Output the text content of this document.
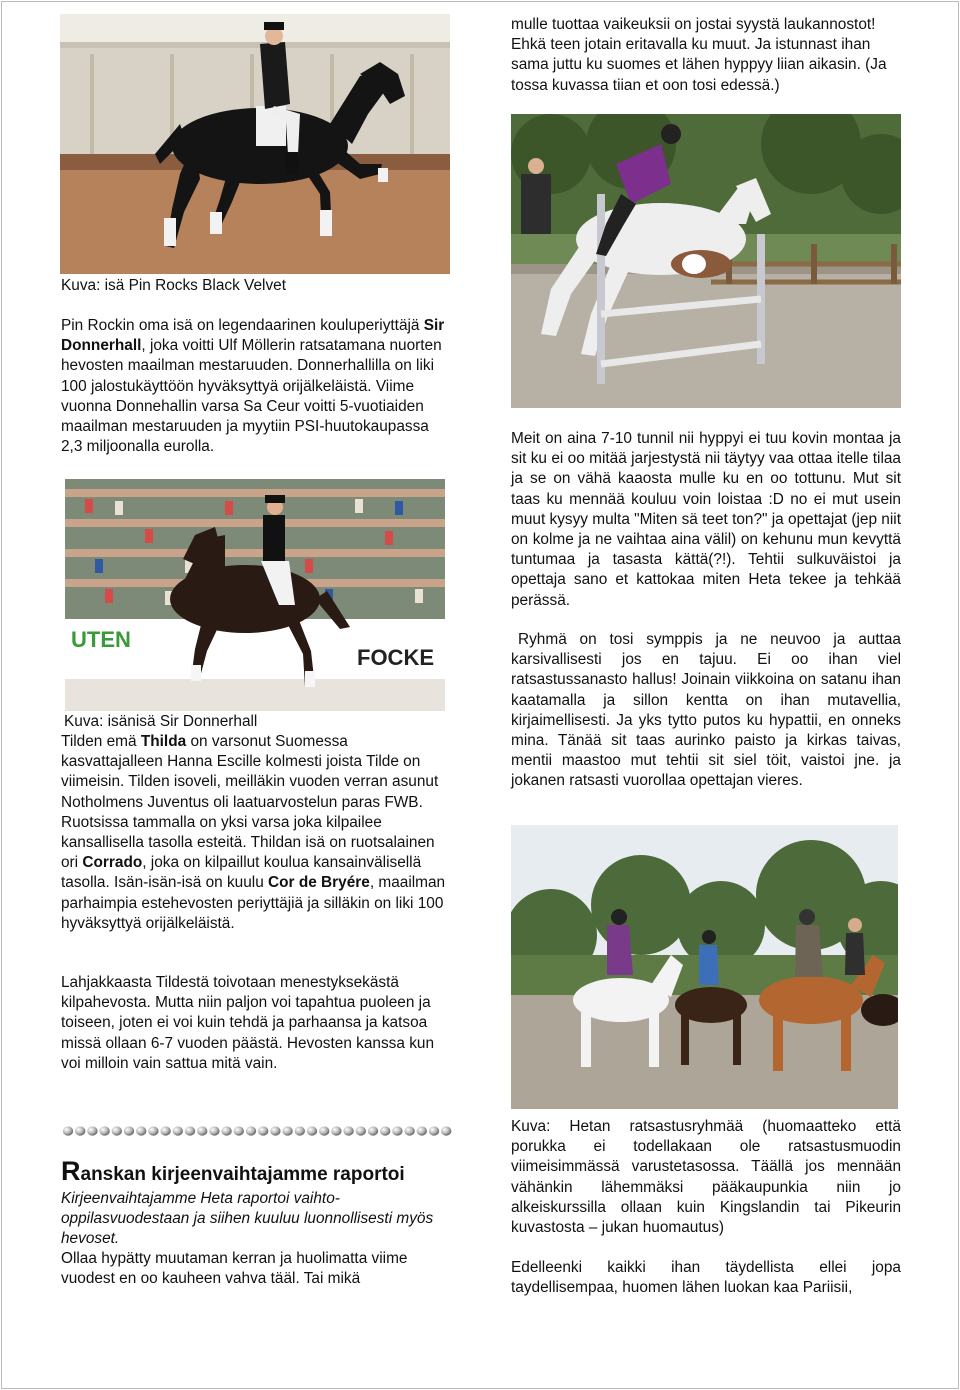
Kuva: isä Pin Rocks Black Velvet
Pin Rockin oma isä on legendaarinen kouluperiyttäjä Sir Donnerhall, joka voitti Ulf Möllerin ratsatamana nuorten hevosten maailman mestaruuden. Donnerhallilla on liki 100 jalostukäyttöön hyväksyttyä orijälkeläistä. Viime vuonna Donnehallin varsa Sa Ceur voitti 5-vuotiaiden maailman mestaruuden ja myytiin PSI-huutokaupassa 2,3 miljoonalla eurolla.
UTEN
FOCKE
Kuva: isänisä Sir Donnerhall
Tilden emä Thilda on varsonut Suomessa kasvattajalleen Hanna Escille kolmesti joista Tilde on viimeisin. Tilden isoveli, meilläkin vuoden verran asunut Notholmens Juventus oli laatuarvostelun paras FWB. Ruotsissa tammalla on yksi varsa joka kilpailee kansallisella tasolla esteitä. Thildan isä on ruotsalainen ori Corrado, joka on kilpaillut koulua kansainvälisellä tasolla. Isän-isän-isä on kuulu Cor de Bryére, maailman parhaimpia estehevosten periyttäjiä ja silläkin on liki 100 hyväksyttyä orijälkeläistä.
Lahjakkaasta Tildestä toivotaan menestyksekästä kilpahevosta. Mutta niin paljon voi tapahtua puoleen ja toiseen, joten ei voi kuin tehdä ja parhaansa ja katsoa missä ollaan 6-7 vuoden päästä. Hevosten kanssa kun voi milloin vain sattua mitä vain.
Ranskan kirjeenvaihtajamme raportoi
Kirjeenvaihtajamme Heta raportoi vaihto-oppilasvuodestaan ja siihen kuuluu luonnollisesti myös hevoset.
Ollaa hypätty muutaman kerran ja huolimatta viime vuodest en oo kauheen vahva tääl. Tai mikä
mulle tuottaa vaikeuksii on jostai syystä laukannostot! Ehkä teen jotain eritavalla ku muut. Ja istunnast ihan sama juttu ku suomes et lähen hyppyy liian aikasin. (Ja tossa kuvassa tiian et oon tosi edessä.)
Meit on aina 7-10 tunnil nii hyppyi ei tuu kovin montaa ja sit ku ei oo mitää jarjestystä nii täytyy vaa ottaa itelle tilaa ja se on vähä kaaosta mulle ku en oo tottunu. Mut sit taas ku mennää kouluu voin loistaa :D no ei mut usein muut kysyy multa "Miten sä teet ton?" ja opettajat (jep niit on kolme ja ne vaihtaa aina välil) on kehunu mun kevyttä tuntumaa ja tasasta kättä(?!). Tehtii sulkuväistoi ja opettaja sano et kattokaa miten Heta tekee ja tehkää perässä.
Ryhmä on tosi symppis ja ne neuvoo ja auttaa karsivallisesti jos en tajuu. Ei oo ihan viel ratsastussanasto hallus! Joinain viikkoina on satanu ihan kaatamalla ja sillon kentta on ihan mutavellia, kirjaimellisesti. Ja yks tytto putos ku hypattii, en onneks mina. Tänää sit taas aurinko paisto ja kirkas taivas, mentii maastoo mut tehtii sit siel töit, vaistoi jne. ja jokanen ratsasti vuorollaa opettajan vieres.
Kuva: Hetan ratsastusryhmää (huomaatteko että porukka ei todellakaan ole ratsastusmuodin viimeisimmässä varustetasossa. Täällä jos mennään vähänkin lähemmäksi pääkaupunkia niin jo alkeiskurssilla ollaan kuin Kingslandin tai Pikeurin kuvastosta – jukan huomautus)
Edelleenki kaikki ihan täydellista ellei jopa taydellisempaa, huomen lähen luokan kaa Pariisii,
